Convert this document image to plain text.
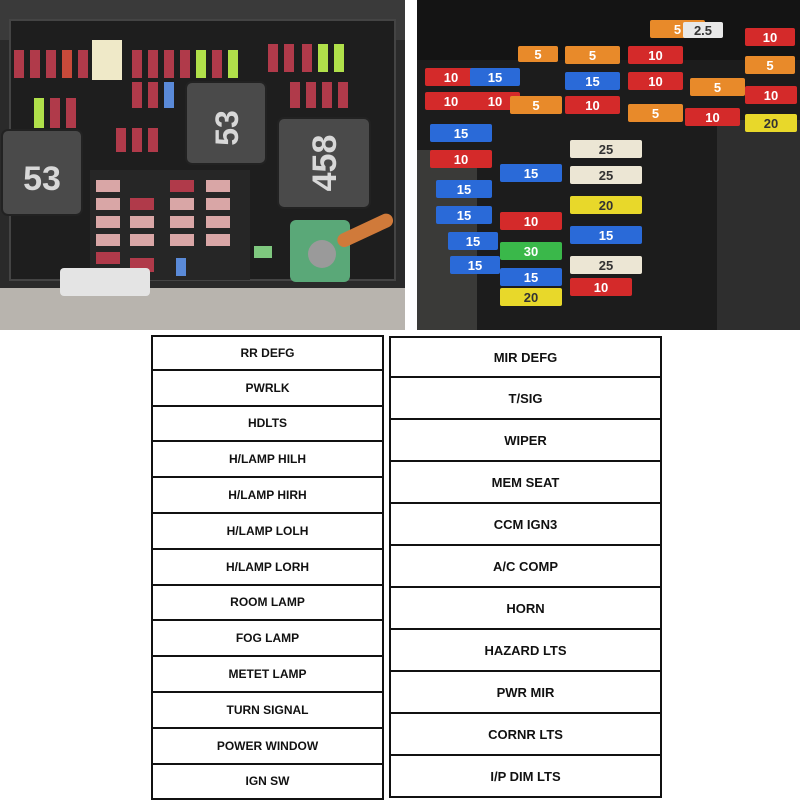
53
53
458
5 2.5
5	5	10
10
5
10 15	15	10	5
10
10 10 5	10
5	10	20
15
25
10
15	25
15
20
15	10
15
15
30
25
15
15
10
20
RR DEFG
PWRLK
HDLTS
H/LAMP HILH
H/LAMP HIRH
H/LAMP LOLH
H/LAMP LORH
ROOM LAMP
FOG LAMP
METET LAMP
TURN SIGNAL
POWER WINDOW
IGN SW
MIR DEFG
T/SIG
WIPER
MEM SEAT
CCM IGN3
A/C COMP
HORN
HAZARD LTS
PWR MIR
CORNR LTS
I/P DIM LTS
